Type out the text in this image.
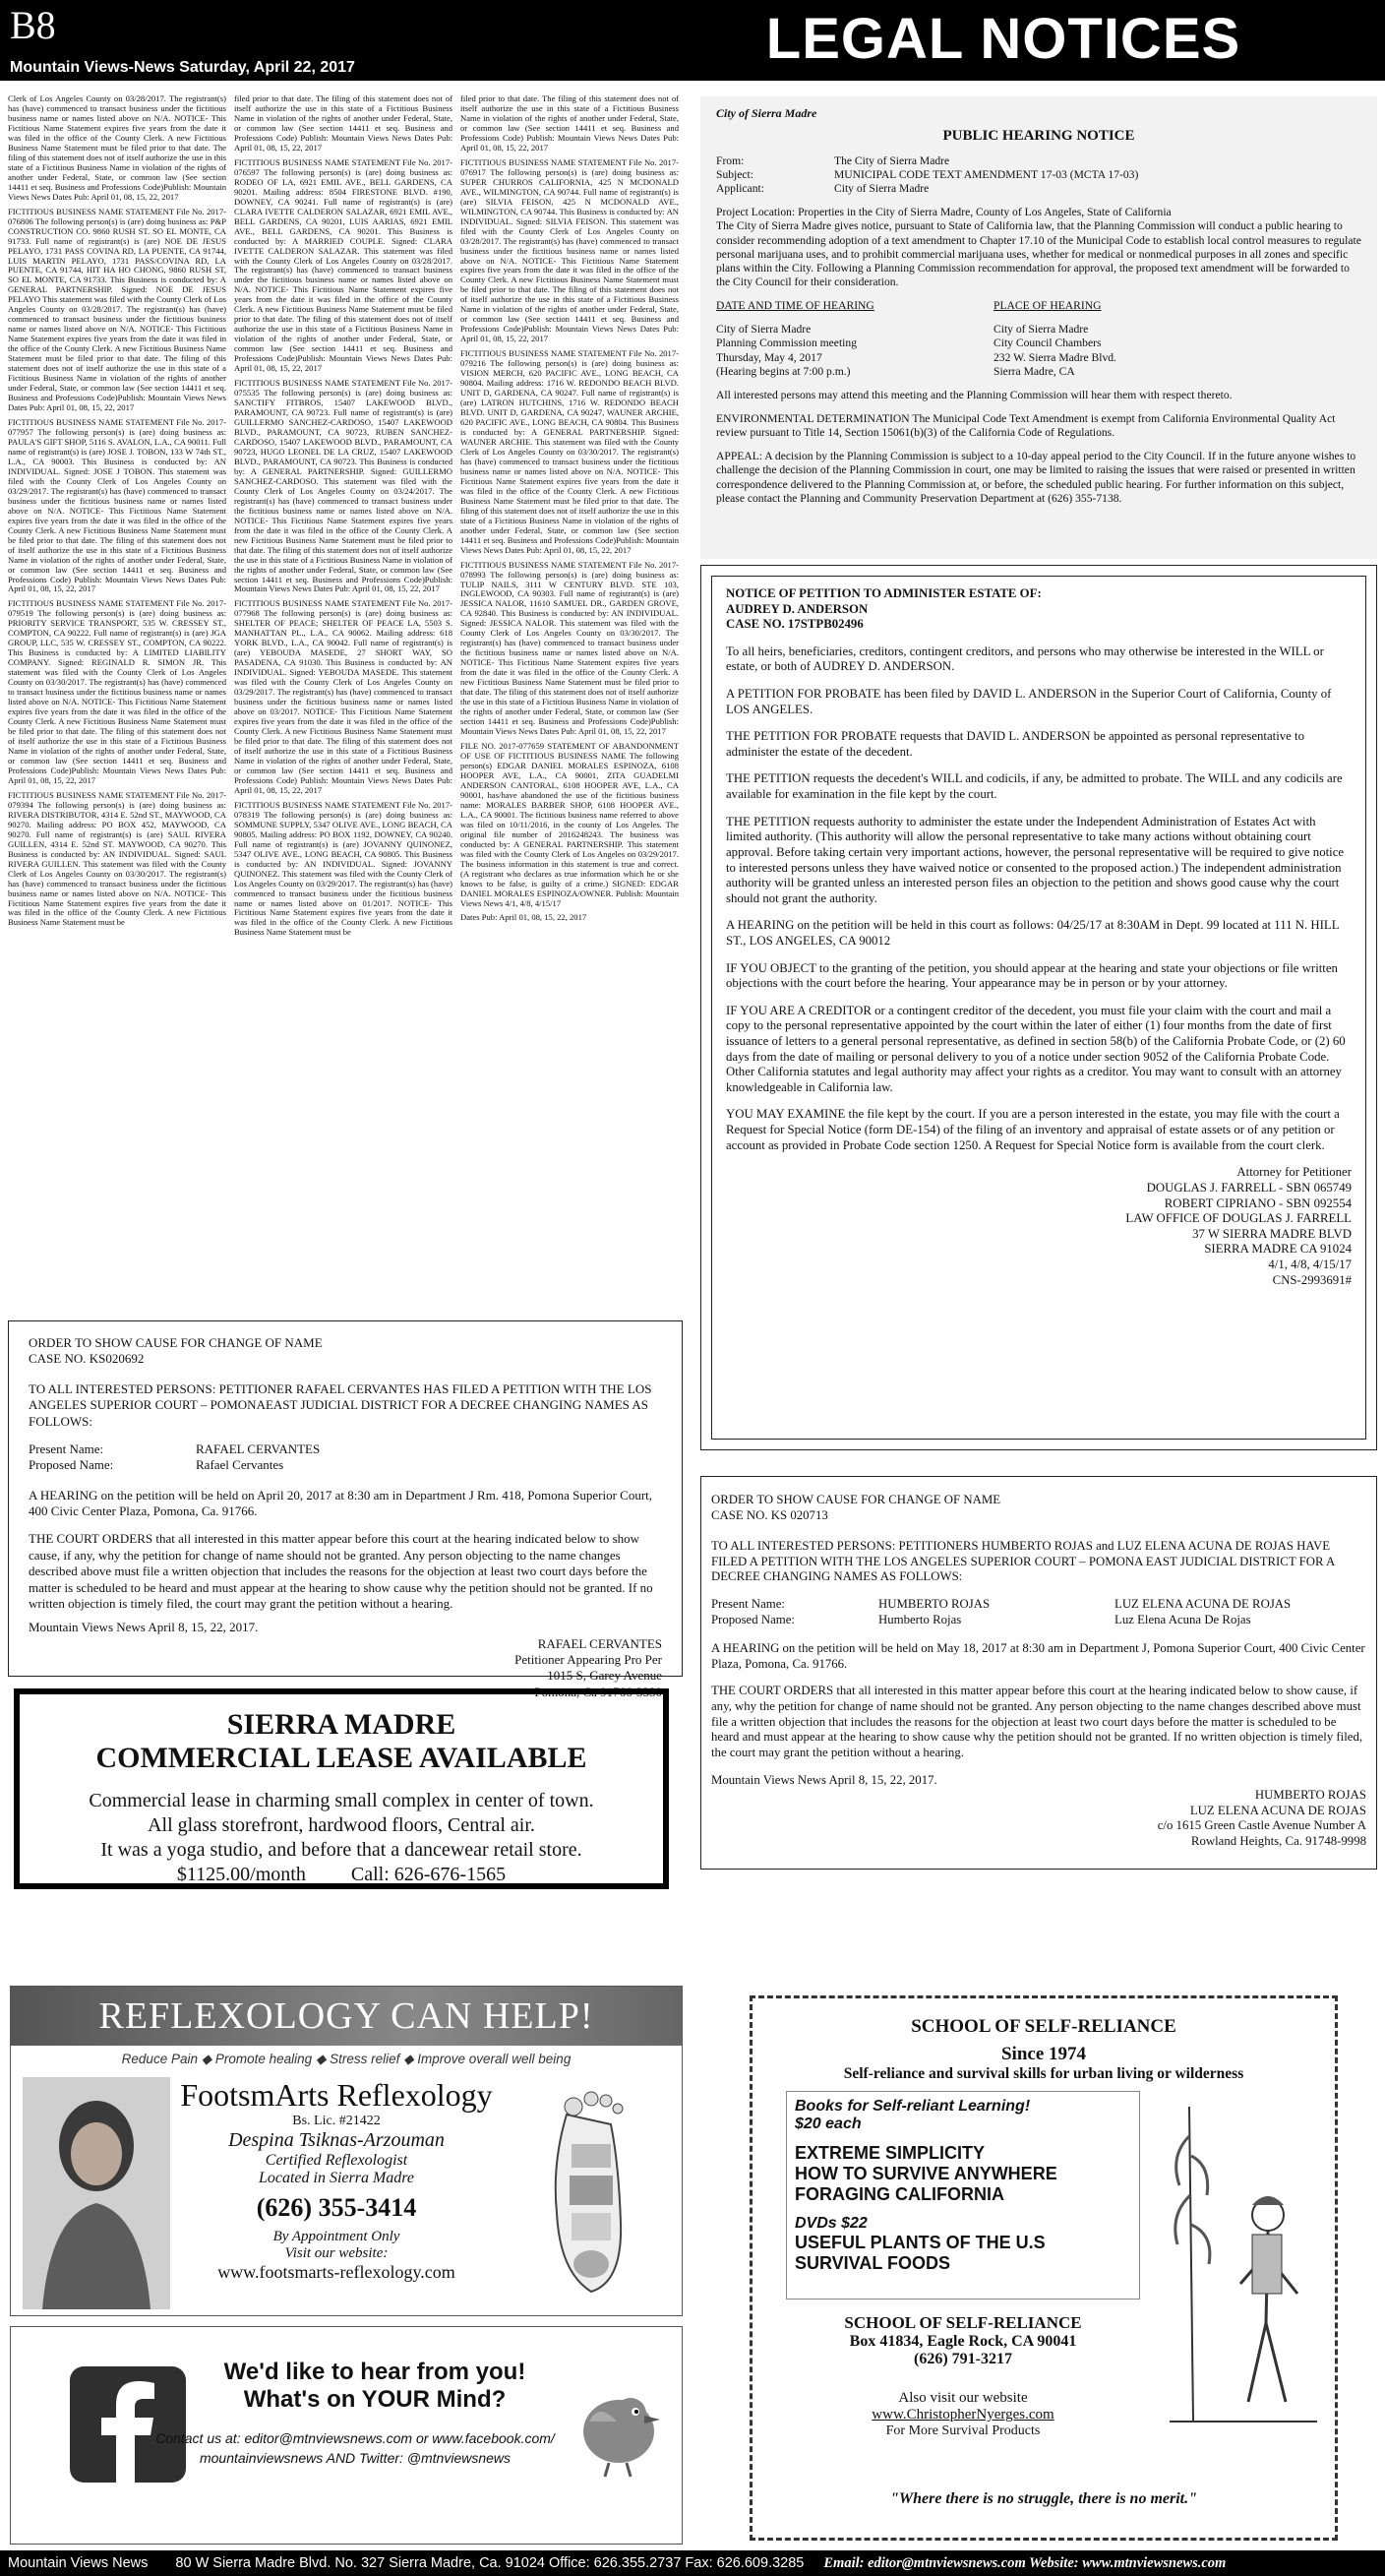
B8	LEGAL NOTICES
Mountain Views-News Saturday, April 22, 2017

Clerk of Los Angeles County on 03/28/2017. The registrant(s) has (have) commenced to transact business under the fictitious business name or names listed above on N/A. NOTICE- This Fictitious Name Statement expires five years from the date it was filed in the office of the County Clerk. A new Fictitious Business Name Statement must be filed prior to that date. The filing of this statement does not of itself authorize the use in this state of a Fictitious Business Name in violation of the rights of another under Federal, State, or common law (See section 14411 et seq. Business and Professions Code)Publish: Mountain Views News Dates Pub: April 01, 08, 15, 22, 2017

FICTITIOUS BUSINESS NAME STATEMENT File No. 2017-076806 The following person(s) is (are) doing business as: P&P CONSTRUCTION CO. 9860 RUSH ST. SO EL MONTE, CA 91733. Full name of registrant(s) is (are) NOE DE JESUS PELAYO, 1731 PASS COVINA RD, LA PUENTE, CA 91744, LUIS MARTIN PELAYO, 1731 PASS/COVINA RD, LA PUENTE, CA 91744, HIT HA HO CHONG, 9860 RUSH ST, SO EL MONTE, CA 91733. This Business is conducted by: A GENERAL PARTNERSHIP. Signed: NOE DE JESUS PELAYO This statement was filed with the County Clerk of Los Angeles County on 03/28/2017. The registrant(s) has (have) commenced to transact business under the fictitious business name or names listed above on N/A. NOTICE- This Fictitious Name Statement expires five years from the date it was filed in the office of the County Clerk. A new Fictitious Business Name Statement must be filed prior to that date. The filing of this statement does not of itself authorize the use in this state of a Fictitious Business Name in violation of the rights of another under Federal, State, or common law (See section 14411 et seq. Business and Professions Code)Publish: Mountain Views News Dates Pub: April 01, 08, 15, 22, 2017

FICTITIOUS BUSINESS NAME STATEMENT File No. 2017-077957 The following person(s) is (are) doing business as: PAULA'S GIFT SHOP, 5116 S. AVALON, L.A., CA 90011. Full name of registrant(s) is (are) JOSE J. TOBON, 133 W 74th ST., L.A., CA 90003. This Business is conducted by: AN INDIVIDUAL. Signed: JOSE J TOBON. This statement was filed with the County Clerk of Los Angeles County on 03/29/2017. The registrant(s) has (have) commenced to transact business under the fictitious business name or names listed above on N/A. NOTICE- This Fictitious Name Statement expires five years from the date it was filed in the office of the County Clerk. A new Fictitious Business Name Statement must be filed prior to that date. The filing of this statement does not of itself authorize the use in this state of a Fictitious Business Name in violation of the rights of another under Federal, State, or common law (See section 14411 et seq. Business and Professions Code) Publish: Mountain Views News Dates Pub: April 01, 08, 15, 22, 2017

FICTITIOUS BUSINESS NAME STATEMENT File No. 2017-079519 The following person(s) is (are) doing business as: PRIORITY SERVICE TRANSPORT, 535 W. CRESSEY ST., COMPTON, CA 90222. Full name of registrant(s) is (are) JGA GROUP, LLC, 535 W. CRESSEY ST., COMPTON, CA 90222. This Business is conducted by: A LIMITED LIABILITY COMPANY. Signed: REGINALD R. SIMON JR. This statement was filed with the County Clerk of Los Angeles County on 03/30/2017. The registrant(s) has (have) commenced to transact business under the fictitious business name or names listed above on N/A. NOTICE- This Fictitious Name Statement expires five years from the date it was filed in the office of the County Clerk. A new Fictitious Business Name Statement must be filed prior to that date. The filing of this statement does not of itself authorize the use in this state of a Fictitious Business Name in violation of the rights of another under Federal, State, or common law (See section 14411 et seq. Business and Professions Code)Publish: Mountain Views News Dates Pub: April 01, 08, 15, 22, 2017

FICTITIOUS BUSINESS NAME STATEMENT File No. 2017-079394 The following person(s) is (are) doing business as: RIVERA DISTRIBUTOR, 4314 E. 52nd ST., MAYWOOD, CA 90270. Mailing address: PO BOX 452, MAYWOOD, CA 90270. Full name of registrant(s) is (are) SAUL RIVERA GUILLEN, 4314 E. 52nd ST. MAYWOOD, CA 90270. This Business is conducted by: AN INDIVIDUAL. Signed: SAUL RIVERA GUILLEN. This statement was filed with the County Clerk of Los Angeles County on 03/30/2017. The registrant(s) has (have) commenced to transact business under the fictitious business name or names listed above on N/A. NOTICE- This Fictitious Name Statement expires five years from the date it was filed in the office of the County Clerk. A new Fictitious Business Name Statement must be

filed prior to that date. The filing of this statement does not of itself authorize the use in this state of a Fictitious Business Name in violation of the rights of another under Federal, State, or common law (See section 14411 et seq. Business and Professions Code) Publish: Mountain Views News Dates Pub: April 01, 08, 15, 22, 2017

FICTITIOUS BUSINESS NAME STATEMENT File No. 2017-076597 The following person(s) is (are) doing business as: RODEO OF LA, 6921 EMIL AVE., BELL GARDENS, CA 90201. Mailing address: 8504 FIRESTONE BLVD. #190, DOWNEY, CA 90241. Full name of registrant(s) is (are) CLARA IVETTE CALDERON SALAZAR, 6921 EMIL AVE., BELL GARDENS, CA 90201, LUIS AARIAS, 6921 EMIL AVE., BELL GARDENS, CA 90201. This Business is conducted by: A MARRIED COUPLE. Signed: CLARA IVETTE CALDERON SALAZAR. This statement was filed with the County Clerk of Los Angeles County on 03/28/2017. The registrant(s) has (have) commenced to transact business under the fictitious business name or names listed above on N/A. NOTICE- This Fictitious Name Statement expires five years from the date it was filed in the office of the County Clerk. A new Fictitious Business Name Statement must be filed prior to that date. The filing of this statement does not of itself authorize the use in this state of a Fictitious Business Name in violation of the rights of another under Federal, State, or common law (See section 14411 et seq. Business and Professions Code)Publish: Mountain Views News Dates Pub: April 01, 08, 15, 22, 2017

FICTITIOUS BUSINESS NAME STATEMENT File No. 2017-075535 The following person(s) is (are) doing business as: SANCTIFY FITBROS, 15407 LAKEWOOD BLVD., PARAMOUNT, CA 90723. Full name of registrant(s) is (are) GUILLERMO SANCHEZ-CARDOSO, 15407 LAKEWOOD BLVD., PARAMOUNT, CA 90723, RUBEN SANCHEZ-CARDOSO, 15407 LAKEWOOD BLVD., PARAMOUNT, CA 90723, HUGO LEONEL DE LA CRUZ, 15407 LAKEWOOD BLVD., PARAMOUNT, CA 90723. This Business is conducted by: A GENERAL PARTNERSHIP. Signed: GUILLERMO SANCHEZ-CARDOSO. This statement was filed with the County Clerk of Los Angeles County on 03/24/2017. The registrant(s) has (have) commenced to transact business under the fictitious business name or names listed above on N/A. NOTICE- This Fictitious Name Statement expires five years from the date it was filed in the office of the County Clerk. A new Fictitious Business Name Statement must be filed prior to that date. The filing of this statement does not of itself authorize the use in this state of a Fictitious Business Name in violation of the rights of another under Federal, State, or common law (See section 14411 et seq. Business and Professions Code)Publish: Mountain Views News Dates Pub: April 01, 08, 15, 22, 2017

FICTITIOUS BUSINESS NAME STATEMENT File No. 2017-077968 The following person(s) is (are) doing business as: SHELTER OF PEACE; SHELTER OF PEACE LA, 5503 S. MANHATTAN PL., L.A., CA 90062. Mailing address: 618 YORK BLVD., L.A., CA 90042. Full name of registrant(s) is (are) YEBOUDA MASEDE, 27 SHORT WAY, SO PASADENA, CA 91030. This Business is conducted by: AN INDIVIDUAL. Signed: YEBOUDA MASEDE. This statement was filed with the County Clerk of Los Angeles County on 03/29/2017. The registrant(s) has (have) commenced to transact business under the fictitious business name or names listed above on 03/2017. NOTICE- This Fictitious Name Statement expires five years from the date it was filed in the office of the County Clerk. A new Fictitious Business Name Statement must be filed prior to that date. The filing of this statement does not of itself authorize the use in this state of a Fictitious Business Name in violation of the rights of another under Federal, State, or common law (See section 14411 et seq. Business and Professions Code) Publish: Mountain Views News Dates Pub: April 01, 08, 15, 22, 2017

FICTITIOUS BUSINESS NAME STATEMENT File No. 2017-078319 The following person(s) is (are) doing business as: SOMMUNE SUPPLY, 5347 OLIVE AVE., LONG BEACH, CA 90805. Mailing address: PO BOX 1192, DOWNEY, CA 90240. Full name of registrant(s) is (are) JOVANNY QUINONEZ, 5347 OLIVE AVE., LONG BEACH, CA 90805. This Business is conducted by: AN INDIVIDUAL. Signed: JOVANNY QUINONEZ. This statement was filed with the County Clerk of Los Angeles County on 03/29/2017. The registrant(s) has (have) commenced to transact business under the fictitious business name or names listed above on 01/2017. NOTICE- This Fictitious Name Statement expires five years from the date it was filed in the office of the County Clerk. A new Fictitious Business Name Statement must be

filed prior to that date. The filing of this statement does not of itself authorize the use in this state of a Fictitious Business Name in violation of the rights of another under Federal, State, or common law (See section 14411 et seq. Business and Professions Code) Publish: Mountain Views News Dates Pub: April 01, 08, 15, 22, 2017

FICTITIOUS BUSINESS NAME STATEMENT File No. 2017-076917 The following person(s) is (are) doing business as: SUPER CHURROS CALIFORNIA, 425 N MCDONALD AVE., WILMINGTON, CA 90744. Full name of registrant(s) is (are) SILVIA FEISON, 425 N MCDONALD AVE., WILMINGTON, CA 90744. This Business is conducted by: AN INDIVIDUAL. Signed: SILVIA FEISON. This statement was filed with the County Clerk of Los Angeles County on 03/28/2017. The registrant(s) has (have) commenced to transact business under the fictitious business name or names listed above on N/A. NOTICE- This Fictitious Name Statement expires five years from the date it was filed in the office of the County Clerk. A new Fictitious Business Name Statement must be filed prior to that date. The filing of this statement does not of itself authorize the use in this state of a Fictitious Business Name in violation of the rights of another under Federal, State, or common law (See section 14411 et seq. Business and Professions Code)Publish: Mountain Views News Dates Pub: April 01, 08, 15, 22, 2017

FICTITIOUS BUSINESS NAME STATEMENT File No. 2017-079216 The following person(s) is (are) doing business as: VISION MERCH, 620 PACIFIC AVE., LONG BEACH, CA 90804. Mailing address: 1716 W. REDONDO BEACH BLVD. UNIT D, GARDENA, CA 90247. Full name of registrant(s) is (are) LATRON HUTCHINS, 1716 W. REDONDO BEACH BLVD. UNIT D, GARDENA, CA 90247, WAUNER ARCHIE, 620 PACIFIC AVE., LONG BEACH, CA 90804. This Business is conducted by: A GENERAL PARTNERSHIP. Signed: WAUNER ARCHIE. This statement was filed with the County Clerk of Los Angeles County on 03/30/2017. The registrant(s) has (have) commenced to transact business under the fictitious business name or names listed above on N/A. NOTICE- This Fictitious Name Statement expires five years from the date it was filed in the office of the County Clerk. A new Fictitious Business Name Statement must be filed prior to that date. The filing of this statement does not of itself authorize the use in this state of a Fictitious Business Name in violation of the rights of another under Federal, State, or common law (See section 14411 et seq. Business and Professions Code)Publish: Mountain Views News Dates Pub: April 01, 08, 15, 22, 2017

FICTITIOUS BUSINESS NAME STATEMENT File No. 2017-078993 The following person(s) is (are) doing business as: TULIP NAILS, 3111 W CENTURY BLVD. STE 103, INGLEWOOD, CA 90303. Full name of registrant(s) is (are) JESSICA NALOR, 11610 SAMUEL DR., GARDEN GROVE, CA 92840. This Business is conducted by: AN INDIVIDUAL. Signed: JESSICA NALOR. This statement was filed with the County Clerk of Los Angeles County on 03/30/2017. The registrant(s) has (have) commenced to transact business under the fictitious business name or names listed above on N/A. NOTICE- This Fictitious Name Statement expires five years from the date it was filed in the office of the County Clerk. A new Fictitious Business Name Statement must be filed prior to that date. The filing of this statement does not of itself authorize the use in this state of a Fictitious Business Name in violation of the rights of another under Federal, State, or common law (See section 14411 et seq. Business and Professions Code)Publish: Mountain Views News Dates Pub: April 01, 08, 15, 22, 2017

FILE NO. 2017-077659 STATEMENT OF ABANDONMENT OF USE OF FICTITIOUS BUSINESS NAME The following person(s) EDGAR DANIEL MORALES ESPINOZA, 6108 HOOPER AVE, L.A., CA 90001, ZITA GUADELMI ANDERSON CANTORAL, 6108 HOOPER AVE, L.A., CA 90001, has/have abandoned the use of the fictitious business name: MORALES BARBER SHOP, 6108 HOOPER AVE., L.A., CA 90001. The fictitious business name referred to above was filed on 10/11/2016, in the county of Los Angeles. The original file number of 2016248243. The business was conducted by: A GENERAL PARTNERSHIP. This statement was filed with the County Clerk of Los Angeles on 03/29/2017. The business information in this statement is true and correct. (A registrant who declares as true information which he or she knows to be false, is guilty of a crime.) SIGNED: EDGAR DANIEL MORALES ESPINOZA/OWNER. Publish: Mountain Views News 4/1, 4/8, 4/15/17

Dates Pub: April 01, 08, 15, 22, 2017

ORDER TO SHOW CAUSE FOR CHANGE OF NAME
CASE NO. KS020692

TO ALL INTERESTED PERSONS: PETITIONER RAFAEL CERVANTES HAS FILED A PETITION WITH THE LOS ANGELES SUPERIOR COURT – POMONAEAST JUDICIAL DISTRICT FOR A DECREE CHANGING NAMES AS FOLLOWS:

Present Name:	RAFAEL CERVANTES
Proposed Name:	Rafael Cervantes

A HEARING on the petition will be held on April 20, 2017 at 8:30 am in Department J Rm. 418, Pomona Superior Court, 400 Civic Center Plaza, Pomona, Ca. 91766.

THE COURT ORDERS that all interested in this matter appear before this court at the hearing indicated below to show cause, if any, why the petition for change of name should not be granted. Any person objecting to the name changes described above must file a written objection that includes the reasons for the objection at least two court days before the matter is scheduled to be heard and must appear at the hearing to show cause why the petition should not be granted. If no written objection is timely filed, the court may grant the petition without a hearing.

Mountain Views News April 8, 15, 22, 2017.
RAFAEL CERVANTES
Petitioner Appearing Pro Per
1015 S, Garey Avenue
Pomona, Ca 91766-3330
SIERRA MADRE
COMMERCIAL LEASE AVAILABLE
Commercial lease in charming small complex in center of town.
All glass storefront, hardwood floors, Central air.
It was a yoga studio, and before that a dancewear retail store.
$1125.00/month Call: 626-676-1565
REFLEXOLOGY CAN HELP!
Reduce Pain ◆ Promote healing ◆ Stress relief ◆ Improve overall well being
FootsmArts Reflexology
Bs. Lic. #21422
Despina Tsiknas-Arzouman
Certified Reflexologist
Located in Sierra Madre
(626) 355-3414
By Appointment Only
Visit our website:
www.footsmarts-reflexology.com
We'd like to hear from you!
What's on YOUR Mind?
Contact us at: editor@mtnviewsnews.com or www.facebook.com/
mountainviewsnews AND Twitter: @mtnviewsnews
City of Sierra Madre
PUBLIC HEARING NOTICE
From:	The City of Sierra Madre
Subject:	MUNICIPAL CODE TEXT AMENDMENT 17-03 (MCTA 17-03)
Applicant:	City of Sierra Madre
Project Location: Properties in the City of Sierra Madre, County of Los Angeles, State of California

The City of Sierra Madre gives notice, pursuant to State of California law, that the Planning Commission will conduct a public hearing to consider recommending adoption of a text amendment to Chapter 17.10 of the Municipal Code to establish local control measures to regulate personal marijuana uses, and to prohibit commercial marijuana uses, whether for medical or nonmedical purposes in all zones and specific plans within the City. Following a Planning Commission recommendation for approval, the proposed text amendment will be forwarded to the City Council for their consideration.

DATE AND TIME OF HEARING
City of Sierra Madre
Planning Commission meeting
Thursday, May 4, 2017
(Hearing begins at 7:00 p.m.)
PLACE OF HEARING
City of Sierra Madre
City Council Chambers
232 W. Sierra Madre Blvd.
Sierra Madre, CA

All interested persons may attend this meeting and the Planning Commission will hear them with respect thereto.

ENVIRONMENTAL DETERMINATION The Municipal Code Text Amendment is exempt from California Environmental Quality Act review pursuant to Title 14, Section 15061(b)(3) of the California Code of Regulations.

APPEAL: A decision by the Planning Commission is subject to a 10-day appeal period to the City Council. If in the future anyone wishes to challenge the decision of the Planning Commission in court, one may be limited to raising the issues that were raised or presented in written correspondence delivered to the Planning Commission at, or before, the scheduled public hearing. For further information on this subject, please contact the Planning and Community Preservation Department at (626) 355-7138.

NOTICE OF PETITION TO ADMINISTER ESTATE OF:
AUDREY D. ANDERSON
CASE NO. 17STPB02496

To all heirs, beneficiaries, creditors, contingent creditors, and persons who may otherwise be interested in the WILL or estate, or both of AUDREY D. ANDERSON.

A PETITION FOR PROBATE has been filed by DAVID L. ANDERSON in the Superior Court of California, County of LOS ANGELES.

THE PETITION FOR PROBATE requests that DAVID L. ANDERSON be appointed as personal representative to administer the estate of the decedent.

THE PETITION requests the decedent's WILL and codicils, if any, be admitted to probate. The WILL and any codicils are available for examination in the file kept by the court.

THE PETITION requests authority to administer the estate under the Independent Administration of Estates Act with limited authority. (This authority will allow the personal representative to take many actions without obtaining court approval. Before taking certain very important actions, however, the personal representative will be required to give notice to interested persons unless they have waived notice or consented to the proposed action.) The independent administration authority will be granted unless an interested person files an objection to the petition and shows good cause why the court should not grant the authority.

A HEARING on the petition will be held in this court as follows: 04/25/17 at 8:30AM in Dept. 99 located at 111 N. HILL ST., LOS ANGELES, CA 90012

IF YOU OBJECT to the granting of the petition, you should appear at the hearing and state your objections or file written objections with the court before the hearing. Your appearance may be in person or by your attorney.

IF YOU ARE A CREDITOR or a contingent creditor of the decedent, you must file your claim with the court and mail a copy to the personal representative appointed by the court within the later of either (1) four months from the date of first issuance of letters to a general personal representative, as defined in section 58(b) of the California Probate Code, or (2) 60 days from the date of mailing or personal delivery to you of a notice under section 9052 of the California Probate Code. Other California statutes and legal authority may affect your rights as a creditor. You may want to consult with an attorney knowledgeable in California law.

YOU MAY EXAMINE the file kept by the court. If you are a person interested in the estate, you may file with the court a Request for Special Notice (form DE-154) of the filing of an inventory and appraisal of estate assets or of any petition or account as provided in Probate Code section 1250. A Request for Special Notice form is available from the court clerk.

Attorney for Petitioner
DOUGLAS J. FARRELL - SBN 065749
ROBERT CIPRIANO - SBN 092554
LAW OFFICE OF DOUGLAS J. FARRELL
37 W SIERRA MADRE BLVD
SIERRA MADRE CA 91024
4/1, 4/8, 4/15/17
CNS-2993691#
ORDER TO SHOW CAUSE FOR CHANGE OF NAME
CASE NO. KS 020713

TO ALL INTERESTED PERSONS: PETITIONERS HUMBERTO ROJAS and LUZ ELENA ACUNA DE ROJAS HAVE FILED A PETITION WITH THE LOS ANGELES SUPERIOR COURT – POMONA EAST JUDICIAL DISTRICT FOR A DECREE CHANGING NAMES AS FOLLOWS:

Present Name:	HUMBERTO ROJAS	LUZ ELENA ACUNA DE ROJAS
Proposed Name:	Humberto Rojas	Luz Elena Acuna De Rojas

A HEARING on the petition will be held on May 18, 2017 at 8:30 am in Department J, Pomona Superior Court, 400 Civic Center Plaza, Pomona, Ca. 91766.

THE COURT ORDERS that all interested in this matter appear before this court at the hearing indicated below to show cause, if any, why the petition for change of name should not be granted. Any person objecting to the name changes described above must file a written objection that includes the reasons for the objection at least two court days before the matter is scheduled to be heard and must appear at the hearing to show cause why the petition should not be granted. If no written objection is timely filed, the court may grant the petition without a hearing.

Mountain Views News April 8, 15, 22, 2017.
HUMBERTO ROJAS
LUZ ELENA ACUNA DE ROJAS
c/o 1615 Green Castle Avenue Number A
Rowland Heights, Ca. 91748-9998
SCHOOL OF SELF-RELIANCE
Since 1974
Self-reliance and survival skills for urban living or wilderness
Books for Self-reliant Learning!
$20 each
EXTREME SIMPLICITY
HOW TO SURVIVE ANYWHERE
FORAGING CALIFORNIA
DVDs $22
USEFUL PLANTS OF THE U.S
SURVIVAL FOODS
SCHOOL OF SELF-RELIANCE
Box 41834, Eagle Rock, CA 90041
(626) 791-3217
Also visit our website
www.ChristopherNyerges.com
For More Survival Products
"Where there is no struggle, there is no merit."
Mountain Views News 80 W Sierra Madre Blvd. No. 327 Sierra Madre, Ca. 91024 Office: 626.355.2737 Fax: 626.609.3285 Email: editor@mtnviewsnews.com Website: www.mtnviewsnews.com
